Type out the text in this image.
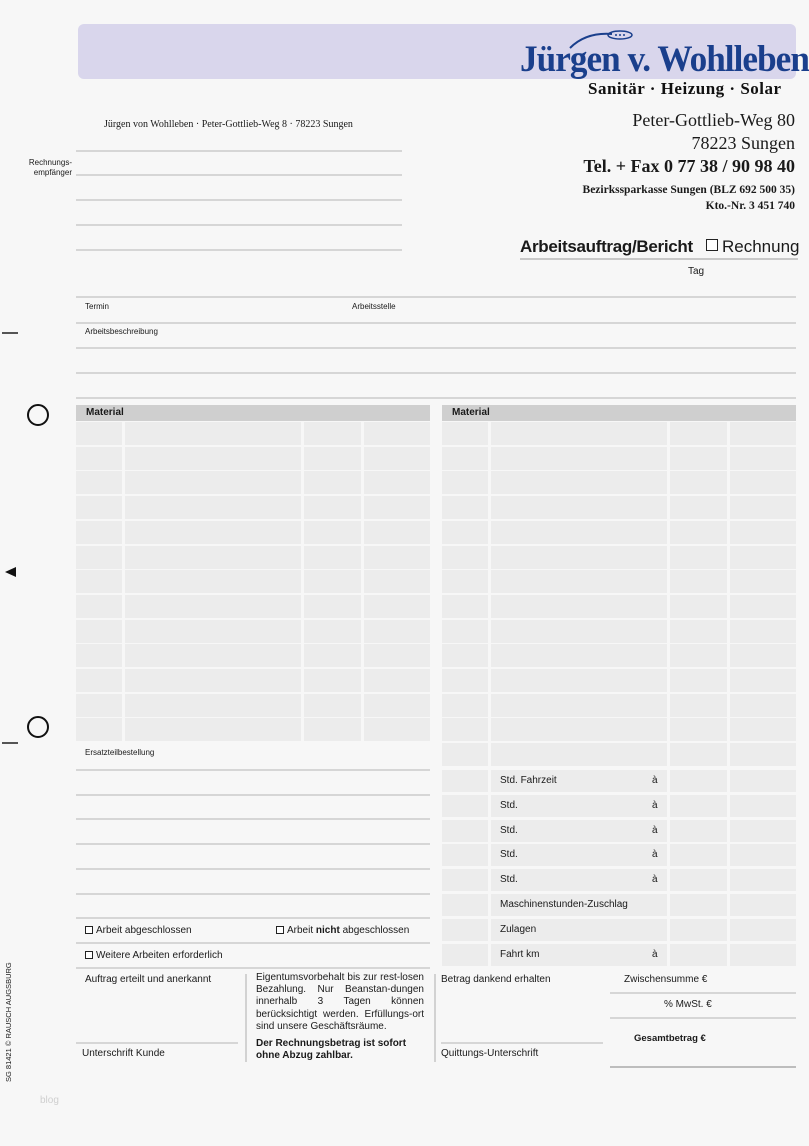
Jürgen v. Wohlleben
Sanitär · Heizung · Solar
Jürgen von Wohlleben · Peter-Gottlieb-Weg 8 · 78223 Sungen	Peter-Gottlieb-Weg 80
78223 Sungen
Tel. + Fax 0 77 38 / 90 98 40
Bezirkssparkasse Sungen (BLZ 692 500 35)
Kto.-Nr. 3 451 740
Rechnungs-
empfänger
Arbeitsauftrag/Bericht Rechnung
Tag
Material	Material
SG 81421 © RAUSCH AUGSBURG
blog
Termin	Arbeitsstelle
Arbeitsbeschreibung
Ersatzteilbestellung
Arbeit abgeschlossen	Arbeit nicht abgeschlossen
Weitere Arbeiten erforderlich
Auftrag erteilt und anerkannt	Eigentumsvorbehalt bis zur rest-losen Bezahlung. Nur Beanstan-dungen innerhalb 3 Tagen können berücksichtigt werden. Erfüllungs-ort sind unsere Geschäftsräume.
Der Rechnungsbetrag ist sofort ohne Abzug zahlbar.
Unterschrift Kunde
Betrag dankend erhalten
Quittungs-Unterschrift
Zwischensumme €
% MwSt. €
Gesamtbetrag €
Std. Fahrzeit	à
Std.	à
Std.	à
Std.	à
Std.	à
Maschinenstunden-Zuschlag
Zulagen
Fahrt km	à
